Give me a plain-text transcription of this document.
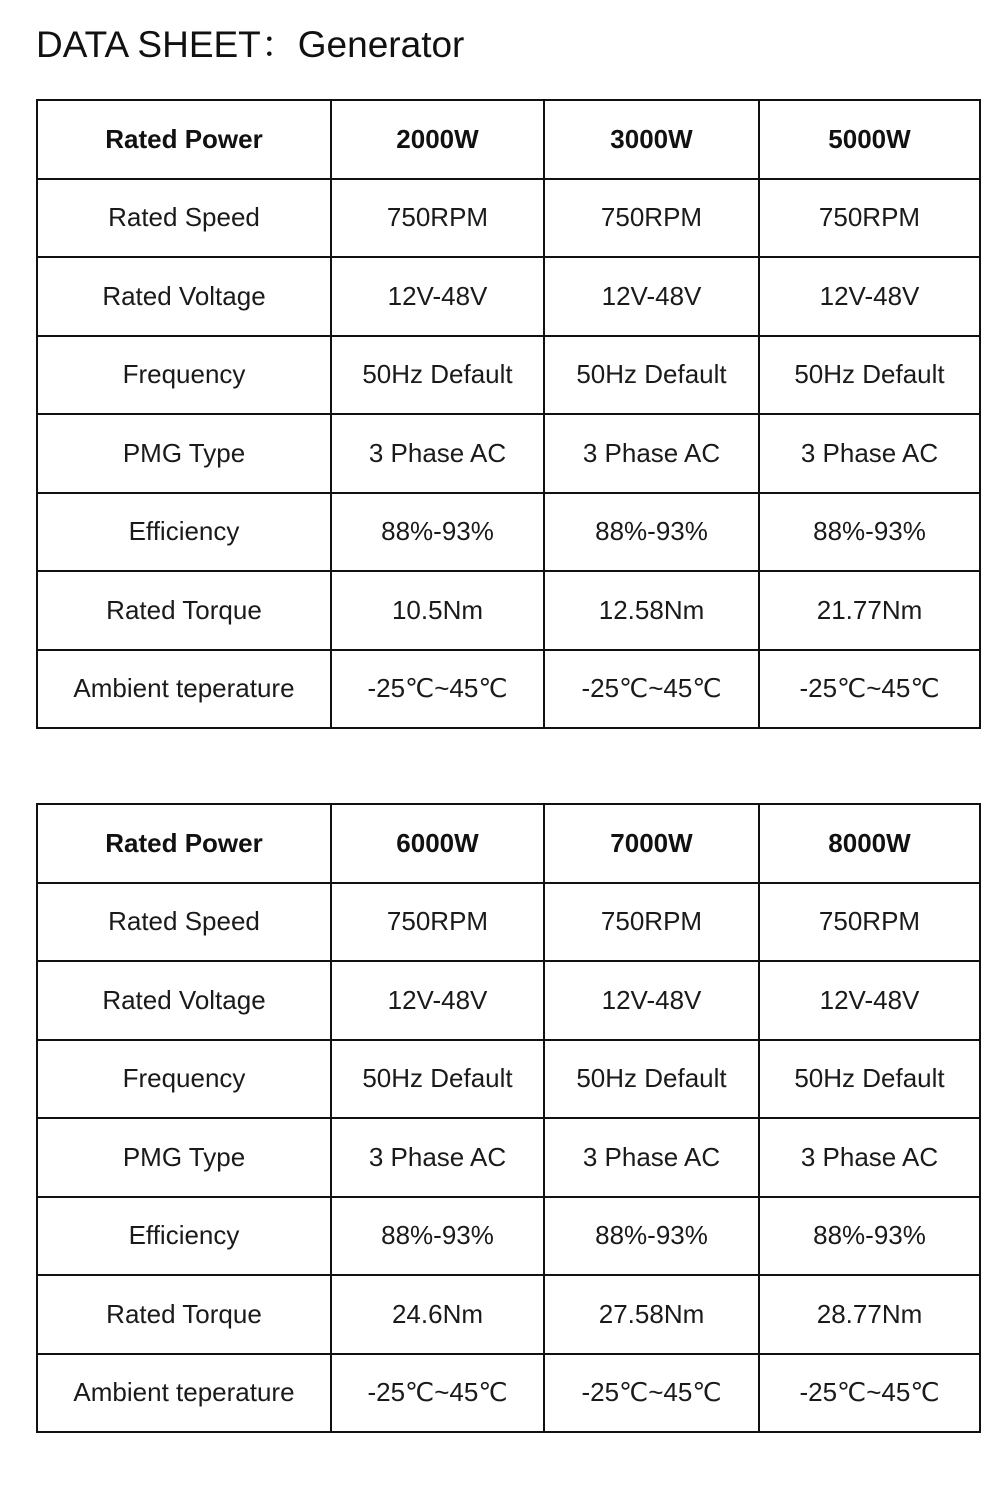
DATA SHEET：Generator
Rated Power	2000W	3000W	5000W
Rated Speed	750RPM	750RPM	750RPM
Rated Voltage	12V-48V	12V-48V	12V-48V
Frequency	50Hz Default	50Hz Default	50Hz Default
PMG Type	3 Phase AC	3 Phase AC	3 Phase AC
Efficiency	88%-93%	88%-93%	88%-93%
Rated Torque	10.5Nm	12.58Nm	21.77Nm
Ambient teperature	-25℃~45℃	-25℃~45℃	-25℃~45℃
Rated Power	6000W	7000W	8000W
Rated Speed	750RPM	750RPM	750RPM
Rated Voltage	12V-48V	12V-48V	12V-48V
Frequency	50Hz Default	50Hz Default	50Hz Default
PMG Type	3 Phase AC	3 Phase AC	3 Phase AC
Efficiency	88%-93%	88%-93%	88%-93%
Rated Torque	24.6Nm	27.58Nm	28.77Nm
Ambient teperature	-25℃~45℃	-25℃~45℃	-25℃~45℃
